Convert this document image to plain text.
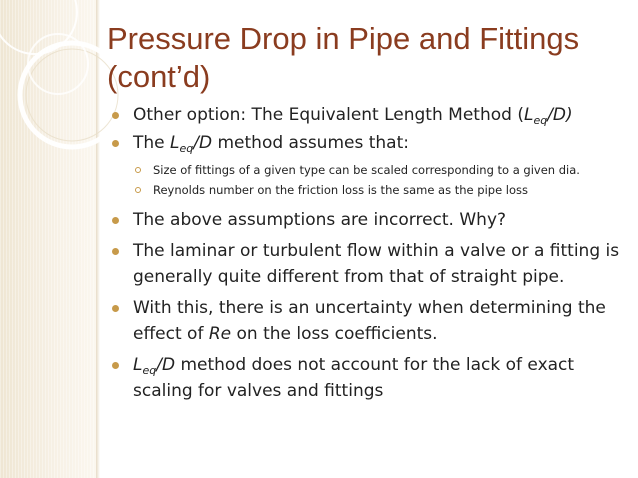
Pressure Drop in Pipe and Fittings (cont’d)

Other option: The Equivalent Length Method $(L_{eq}/D)$

The $L_{eq}/D$ method assumes that:

Size of fittings of a given type can be scaled corresponding to a given dia.
Reynolds number on the friction loss is the same as the pipe loss

The above assumptions are incorrect. Why?

The laminar or turbulent flow within a valve or a fitting is generally quite different from that of straight pipe.

With this, there is an uncertainty when determining the effect of Re on the loss coefficients.

$L_{eq}/D$ method does not account for the lack of exact scaling for valves and fittings
